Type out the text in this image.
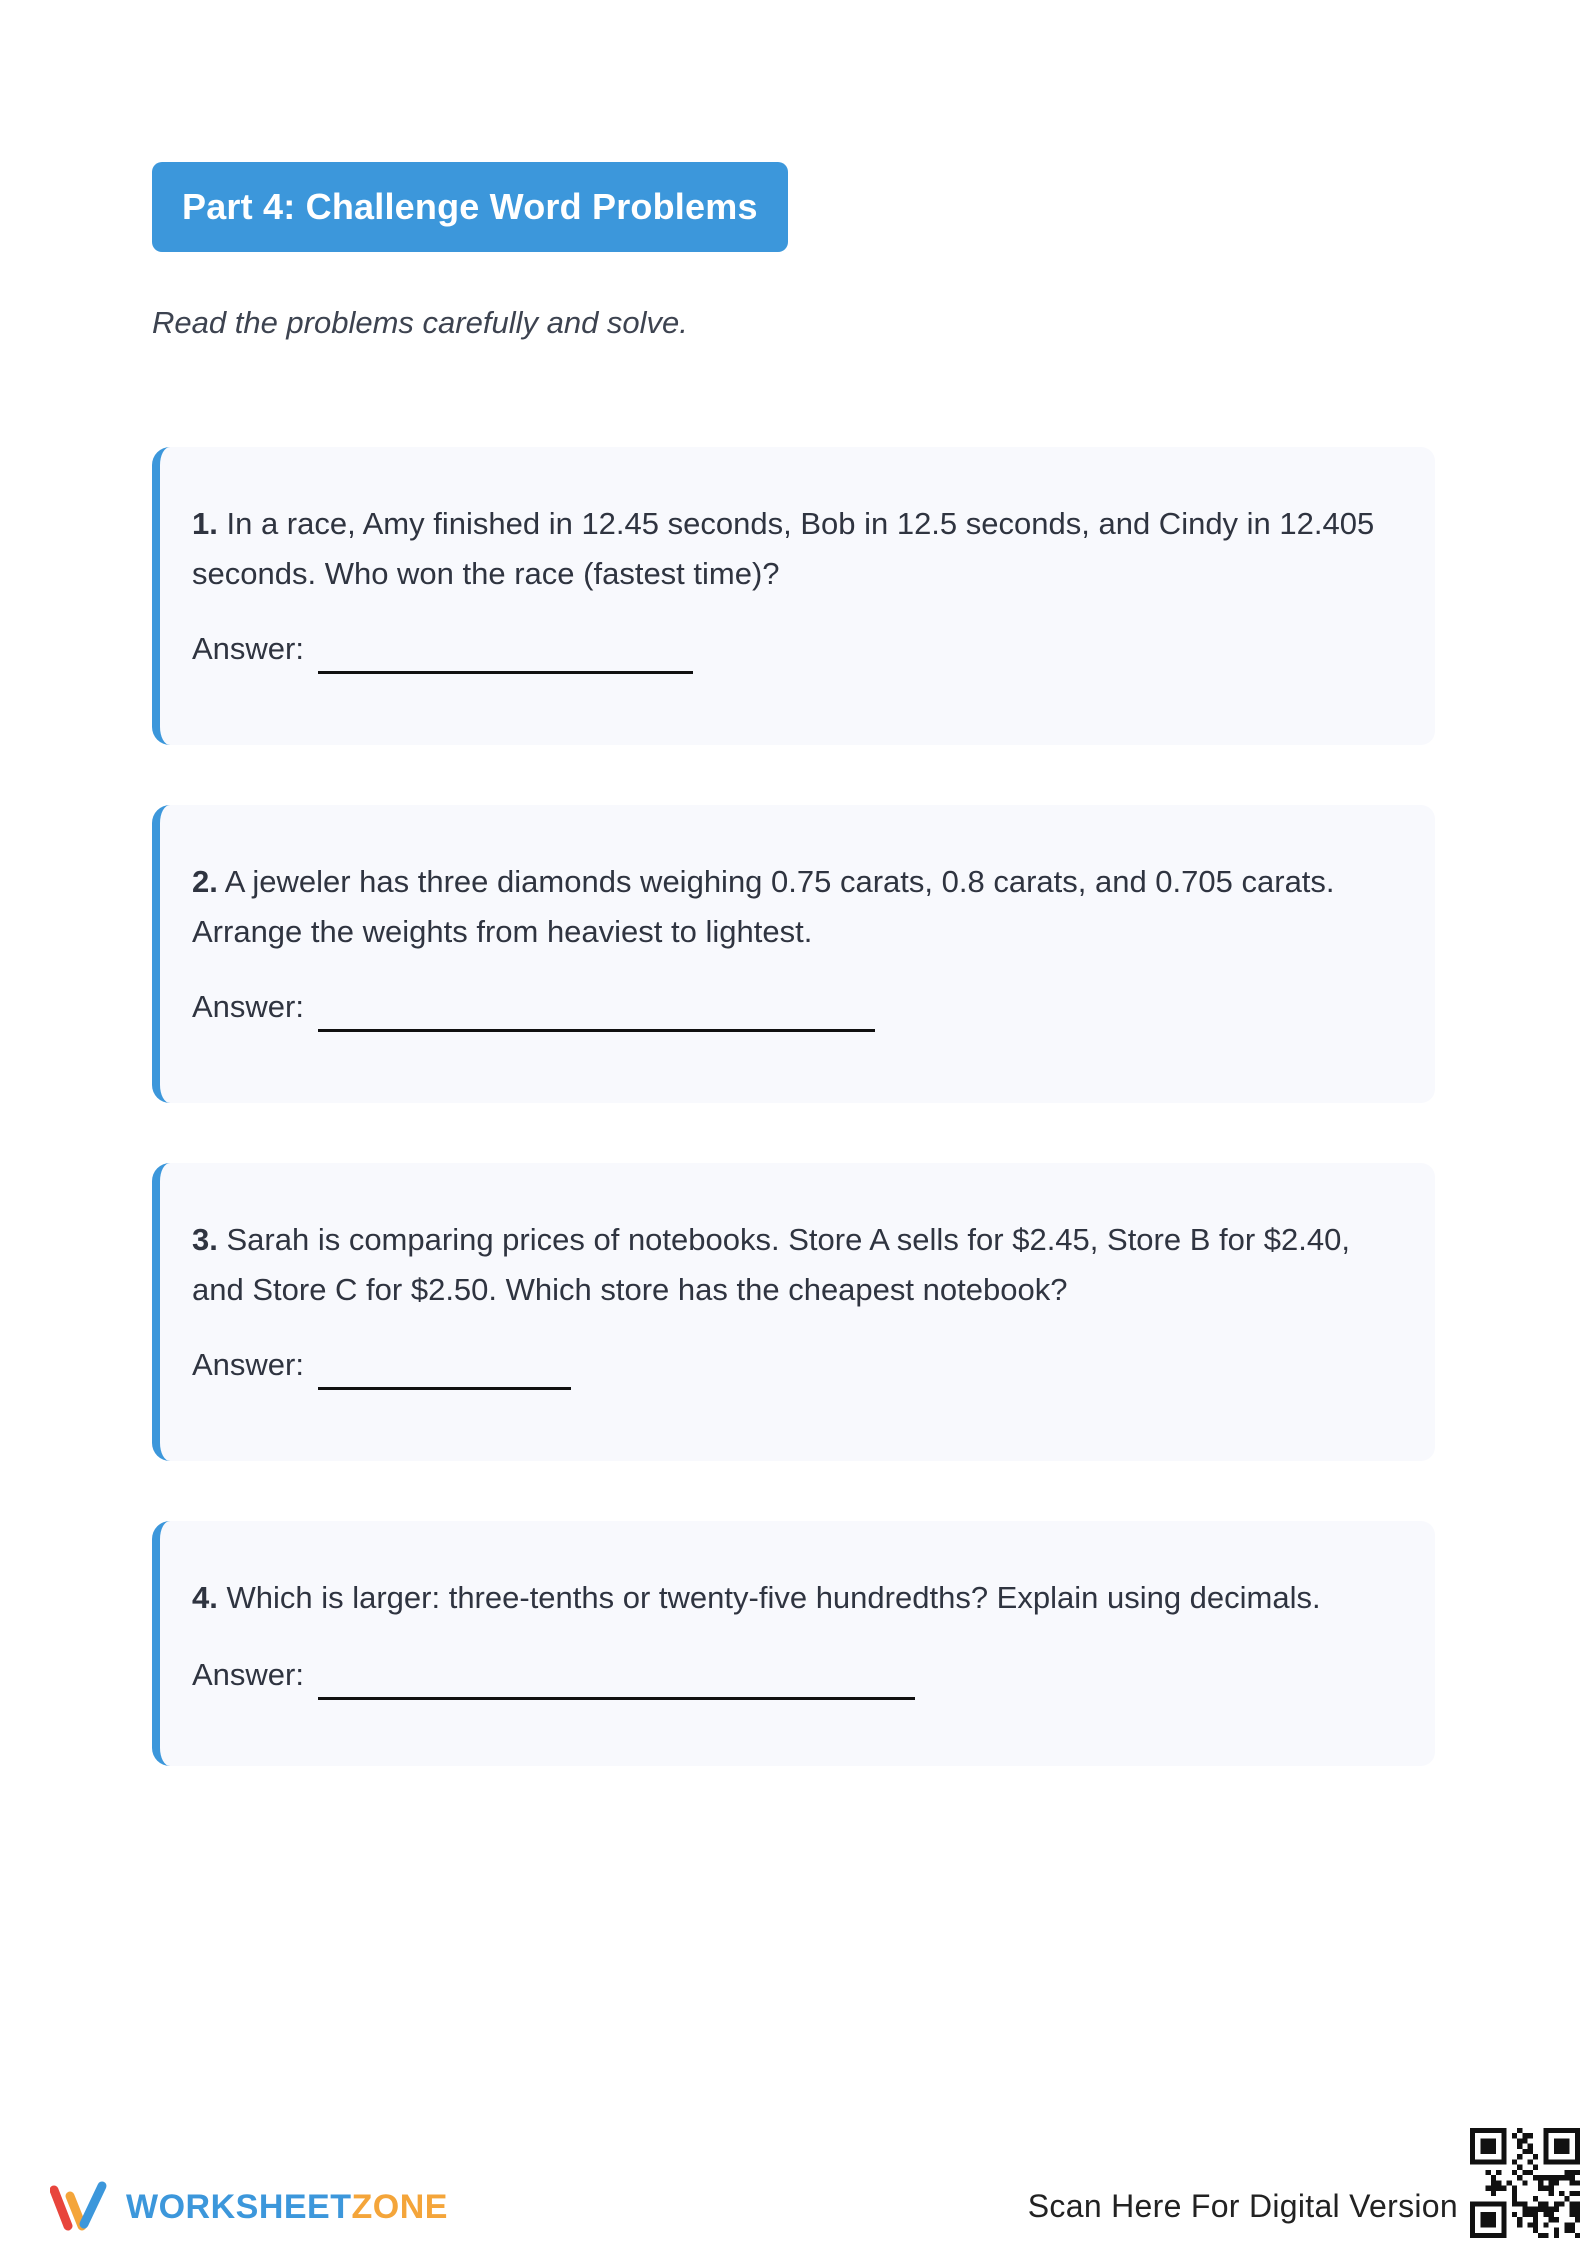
Part 4: Challenge Word Problems
Read the problems carefully and solve.
1. In a race, Amy finished in 12.45 seconds, Bob in 12.5 seconds, and Cindy in 12.405 seconds. Who won the race (fastest time)?
Answer:
2. A jeweler has three diamonds weighing 0.75 carats, 0.8 carats, and 0.705 carats. Arrange the weights from heaviest to lightest.
Answer:
3. Sarah is comparing prices of notebooks. Store A sells for $2.45, Store B for $2.40, and Store C for $2.50. Which store has the cheapest notebook?
Answer:
4. Which is larger: three-tenths or twenty-five hundredths? Explain using decimals.
Answer:
WORKSHEETZONE	Scan Here For Digital Version
